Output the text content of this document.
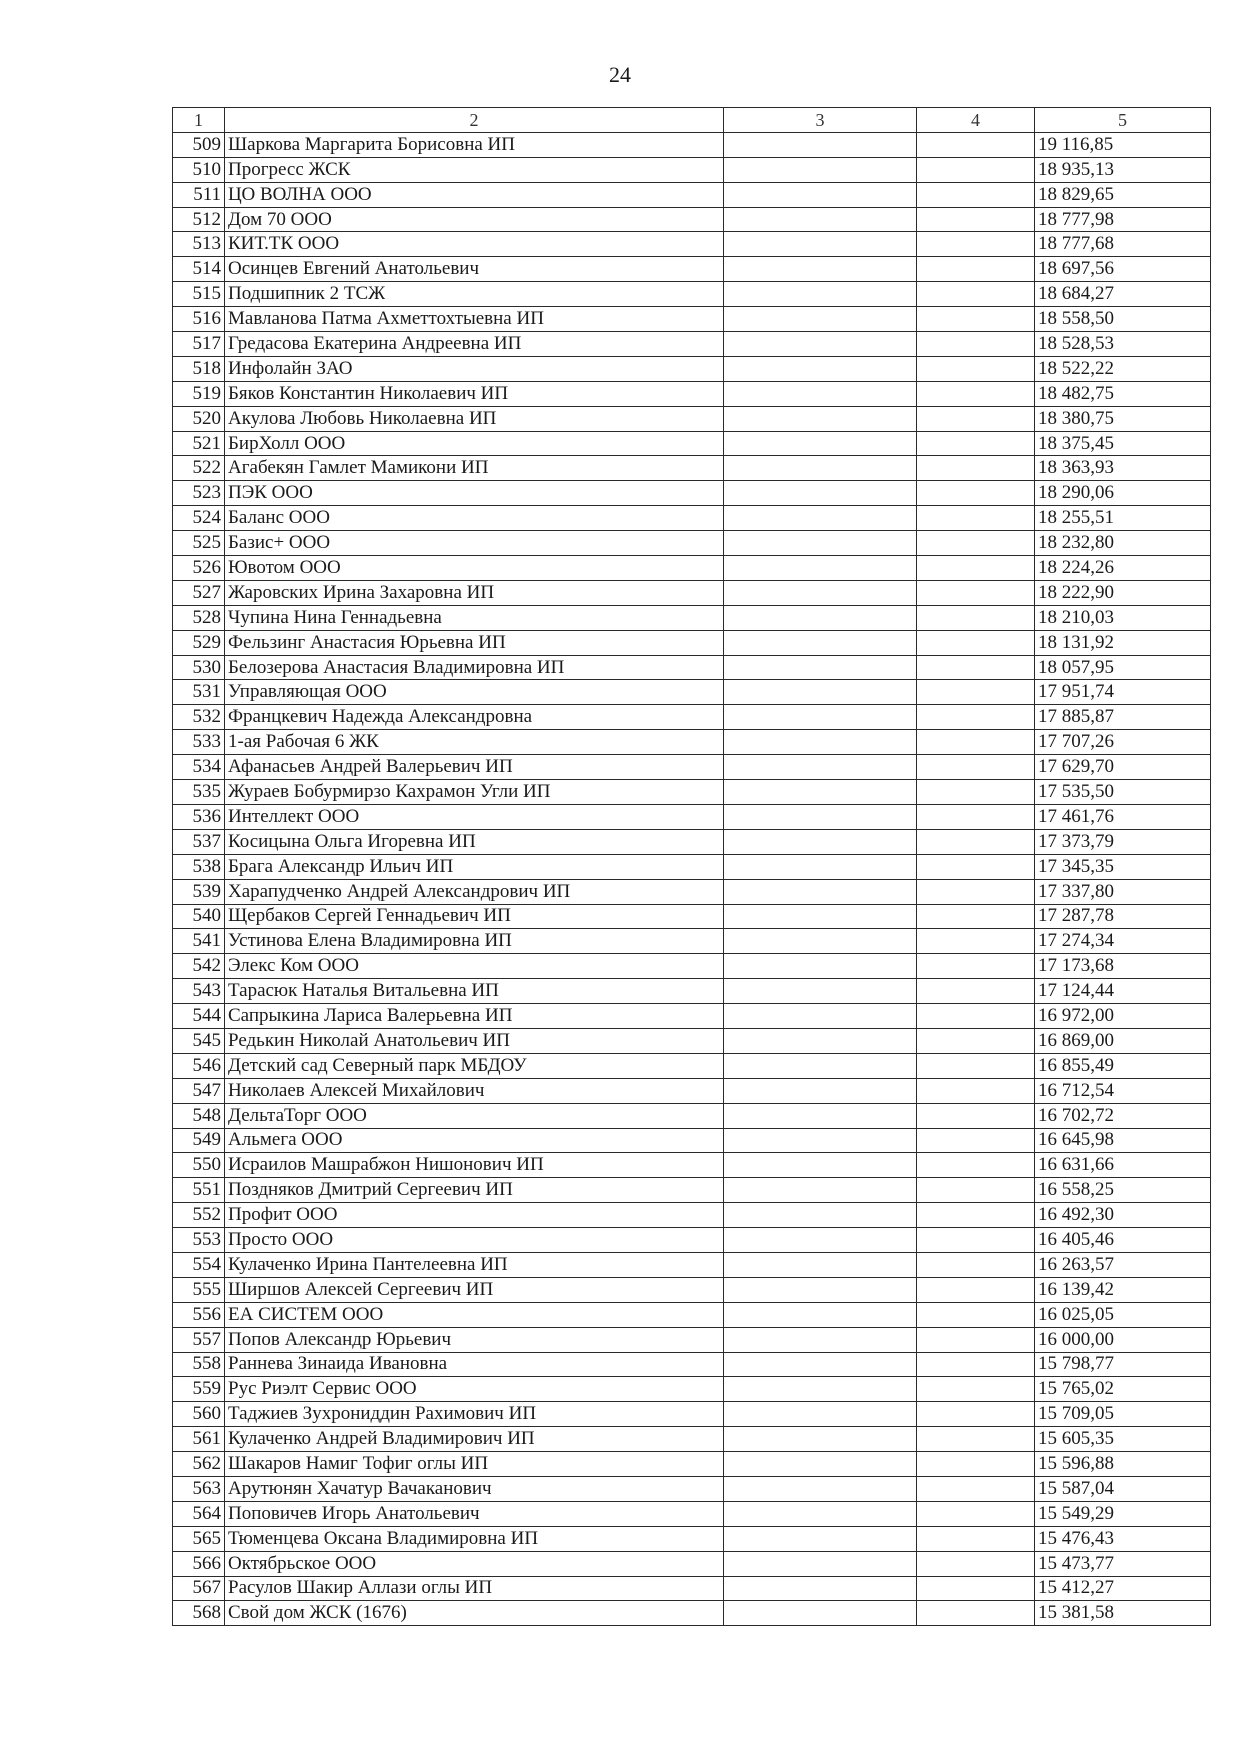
24
1	2	3	4	5
509	Шаркова Маргарита Борисовна ИП			19 116,85
510	Прогресс ЖСК			18 935,13
511	ЦО ВОЛНА ООО			18 829,65
512	Дом 70 ООО			18 777,98
513	КИТ.ТК ООО			18 777,68
514	Осинцев Евгений Анатольевич			18 697,56
515	Подшипник 2 ТСЖ			18 684,27
516	Мавланова Патма Ахметтохтыевна ИП			18 558,50
517	Гредасова Екатерина Андреевна ИП			18 528,53
518	Инфолайн ЗАО			18 522,22
519	Бяков Константин Николаевич ИП			18 482,75
520	Акулова Любовь Николаевна ИП			18 380,75
521	БирХолл ООО			18 375,45
522	Агабекян Гамлет Мамикони ИП			18 363,93
523	ПЭК ООО			18 290,06
524	Баланс ООО			18 255,51
525	Базис+ ООО			18 232,80
526	Ювотом ООО			18 224,26
527	Жаровских Ирина Захаровна ИП			18 222,90
528	Чупина Нина Геннадьевна			18 210,03
529	Фельзинг Анастасия Юрьевна ИП			18 131,92
530	Белозерова Анастасия Владимировна ИП			18 057,95
531	Управляющая ООО			17 951,74
532	Францкевич Надежда Александровна			17 885,87
533	1-ая Рабочая 6 ЖК			17 707,26
534	Афанасьев Андрей Валерьевич ИП			17 629,70
535	Жураев Бобурмирзо Кахрамон Угли ИП			17 535,50
536	Интеллект ООО			17 461,76
537	Косицына Ольга Игоревна ИП			17 373,79
538	Брага Александр Ильич ИП			17 345,35
539	Харапудченко Андрей Александрович ИП			17 337,80
540	Щербаков Сергей Геннадьевич ИП			17 287,78
541	Устинова Елена Владимировна ИП			17 274,34
542	Элекс Ком ООО			17 173,68
543	Тарасюк Наталья Витальевна ИП			17 124,44
544	Сапрыкина Лариса Валерьевна ИП			16 972,00
545	Редькин Николай Анатольевич ИП			16 869,00
546	Детский сад Северный парк МБДОУ			16 855,49
547	Николаев Алексей Михайлович			16 712,54
548	ДельтаТорг ООО			16 702,72
549	Альмега ООО			16 645,98
550	Исраилов Машрабжон Нишонович ИП			16 631,66
551	Поздняков Дмитрий Сергеевич ИП			16 558,25
552	Профит ООО			16 492,30
553	Просто ООО			16 405,46
554	Кулаченко Ирина Пантелеевна ИП			16 263,57
555	Ширшов Алексей Сергеевич ИП			16 139,42
556	ЕА СИСТЕМ ООО			16 025,05
557	Попов Александр Юрьевич			16 000,00
558	Раннева Зинаида Ивановна			15 798,77
559	Рус Риэлт Сервис ООО			15 765,02
560	Таджиев Зухрониддин Рахимович ИП			15 709,05
561	Кулаченко Андрей Владимирович ИП			15 605,35
562	Шакаров Намиг Тофиг оглы ИП			15 596,88
563	Арутюнян Хачатур Вачаканович			15 587,04
564	Поповичев Игорь Анатольевич			15 549,29
565	Тюменцева Оксана Владимировна ИП			15 476,43
566	Октябрьское ООО			15 473,77
567	Расулов Шакир Аллази оглы ИП			15 412,27
568	Свой дом ЖСК (1676)			15 381,58
